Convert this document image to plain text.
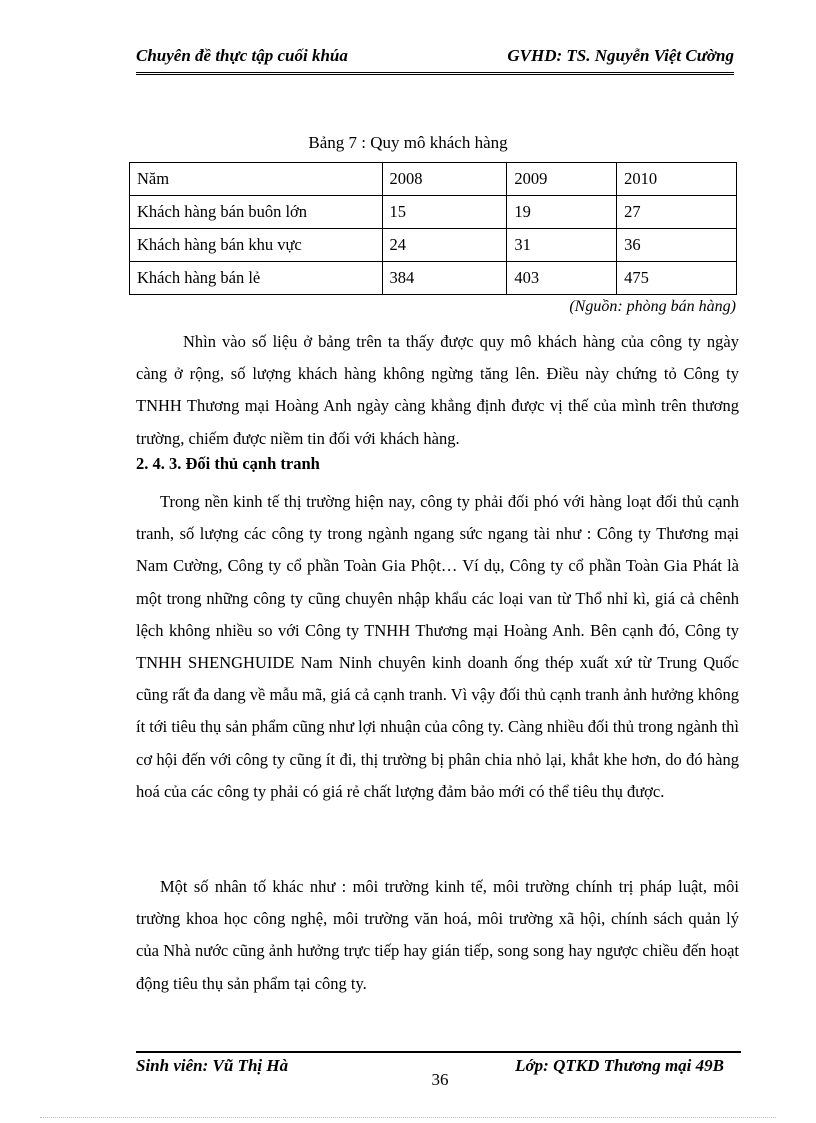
Chuyên đề thực tập cuối khúa	GVHD: TS. Nguyễn Việt Cường
Bảng 7 : Quy mô khách hàng
Năm	2008	2009	2010
Khách hàng bán buôn lớn	15	19	27
Khách hàng bán khu vực	24	31	36
Khách hàng bán lẻ	384	403	475
(Nguồn: phòng bán hàng)

Nhìn vào số liệu ở bảng trên ta thấy được quy mô khách hàng của công ty ngày càng ở rộng, số lượng khách hàng không ngừng tăng lên. Điều này chứng tỏ Công ty TNHH Thương mại Hoàng Anh ngày càng khẳng định được vị thế của mình trên thương trường, chiếm được niềm tin đối với khách hàng.

2. 4. 3. Đối thủ cạnh tranh

Trong nền kinh tế thị trường hiện nay, công ty phải đối phó với hàng loạt đối thủ cạnh tranh, số lượng các công ty trong ngành ngang sức ngang tài như : Công ty Thương mại Nam Cường, Công ty cổ phần Toàn Gia Phột… Ví dụ, Công ty cổ phần Toàn Gia Phát là một trong những công ty cũng chuyên nhập khẩu các loại van từ Thổ nhỉ kì, giá cả chênh lệch không nhiều so với Công ty TNHH Thương mại Hoàng Anh. Bên cạnh đó, Công ty TNHH SHENGHUIDE Nam Ninh chuyên kinh doanh ống thép xuất xứ từ Trung Quốc cũng rất đa dang về mẫu mã, giá cả cạnh tranh. Vì vậy đối thủ cạnh tranh ảnh hưởng không ít tới tiêu thụ sản phẩm cũng như lợi nhuận của công ty. Càng nhiều đối thủ trong ngành thì cơ hội đến với công ty cũng ít đi, thị trường bị phân chia nhỏ lại, khắt khe hơn, do đó hàng hoá của các công ty phải có giá rẻ chất lượng đảm bảo mới có thể tiêu thụ được.

Một số nhân tố khác như : môi trường kinh tế, môi trường chính trị pháp luật, môi trường khoa học công nghệ, môi trường văn hoá, môi trường xã hội, chính sách quản lý của Nhà nước cũng ảnh hưởng trực tiếp hay gián tiếp, song song hay ngược chiều đến hoạt động tiêu thụ sản phẩm tại công ty.

Sinh viên: Vũ Thị Hà	Lớp: QTKD Thương mại 49B
36
